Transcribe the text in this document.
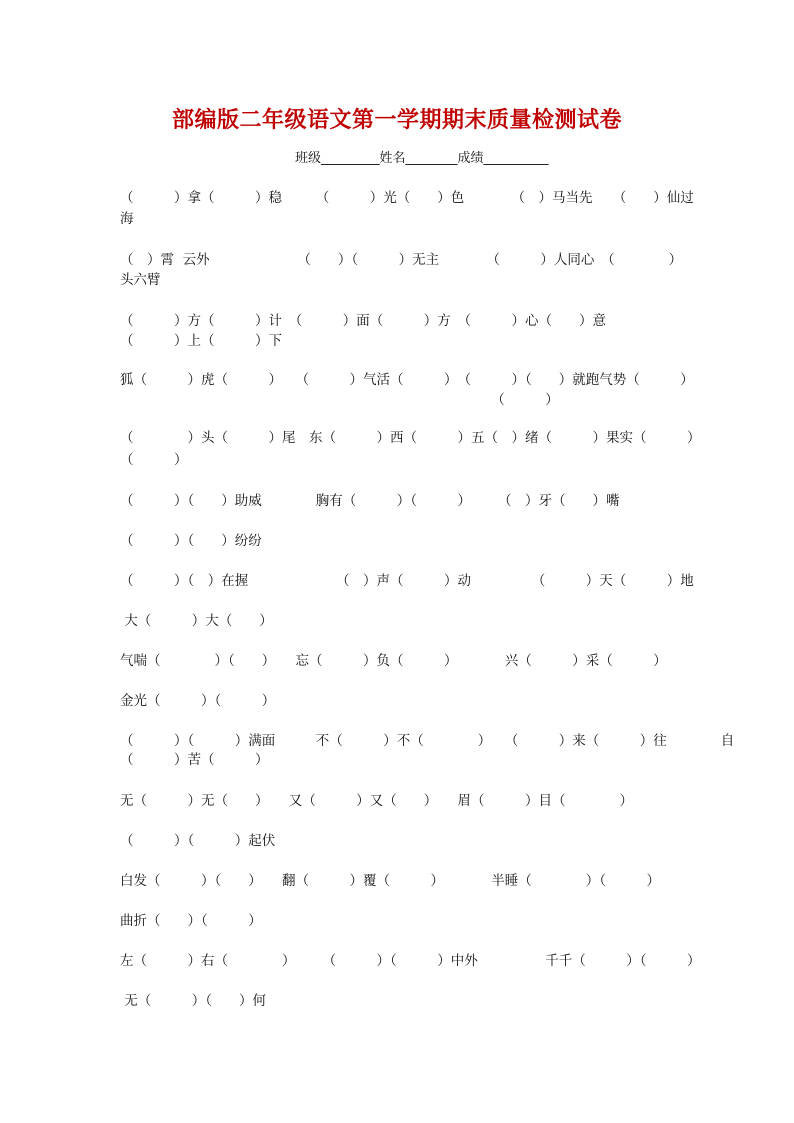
部编版二年级语文第一学期期末质量检测试卷
班级_________姓名________成绩__________
（　　　）拿（　　　）稳　　　（　　　）光（　　）色　　　　（　）马当先　　（　　）仙过
海
（　）霄  云外　　　　　　　（　　）（　　　）无主　　　　（　　　）人同心　（　　　　）
头六臂
（　　　）方（　　　）计　（　　　）面（　　　）方　（　　　）心（　　）意
（　　　）上（　　　）下
狐（　　　）虎（　　　）　　（　　　）气活（　　　）　（　　　）（　　）就跑气势（　　　）
　　　　　　　　　　　　　　　　　　　　　　　　　　　　（　　　）
（　　　　）头（　　　）尾　东（　　　）西（　　　）五（　）绪（　　　）果实（　　　）
（　　　）
（　　　）（　　）助威　　　　胸有（　　　）（　　　）　　　（　）牙（　　）嘴
（　　　）（　　）纷纷
（　　　）（　）在握　　　　　　　（　）声（　　　）动　　　　　（　　　）天（　　　）地
大（　　　）大（　　）
气喘（　　　　）（　　）　　忘（　　　）负（　　　）　　　　兴（　　　）采（　　　）
金光（　　　）（　　　）
（　　　）（　　　）满面　　　不（　　　）不（　　　　）　　（　　　）来（　　　）往　　　　自
（　　　）苦（　　　）
无（　　　）无（　　）　　又（　　　）又（　　）　　眉（　　　）目（　　　　）
（　　　）（　　　）起伏
白发（　　　）（　　）　　翻（　　　）覆（　　　）　　　　半睡（　　　　）（　　　）
曲折（　　）（　　　）
左（　　　）右（　　　　）　　　（　　　）（　　　）中外　　　　　千千（　　　）（　　　）
无（　　　）（　　）何
